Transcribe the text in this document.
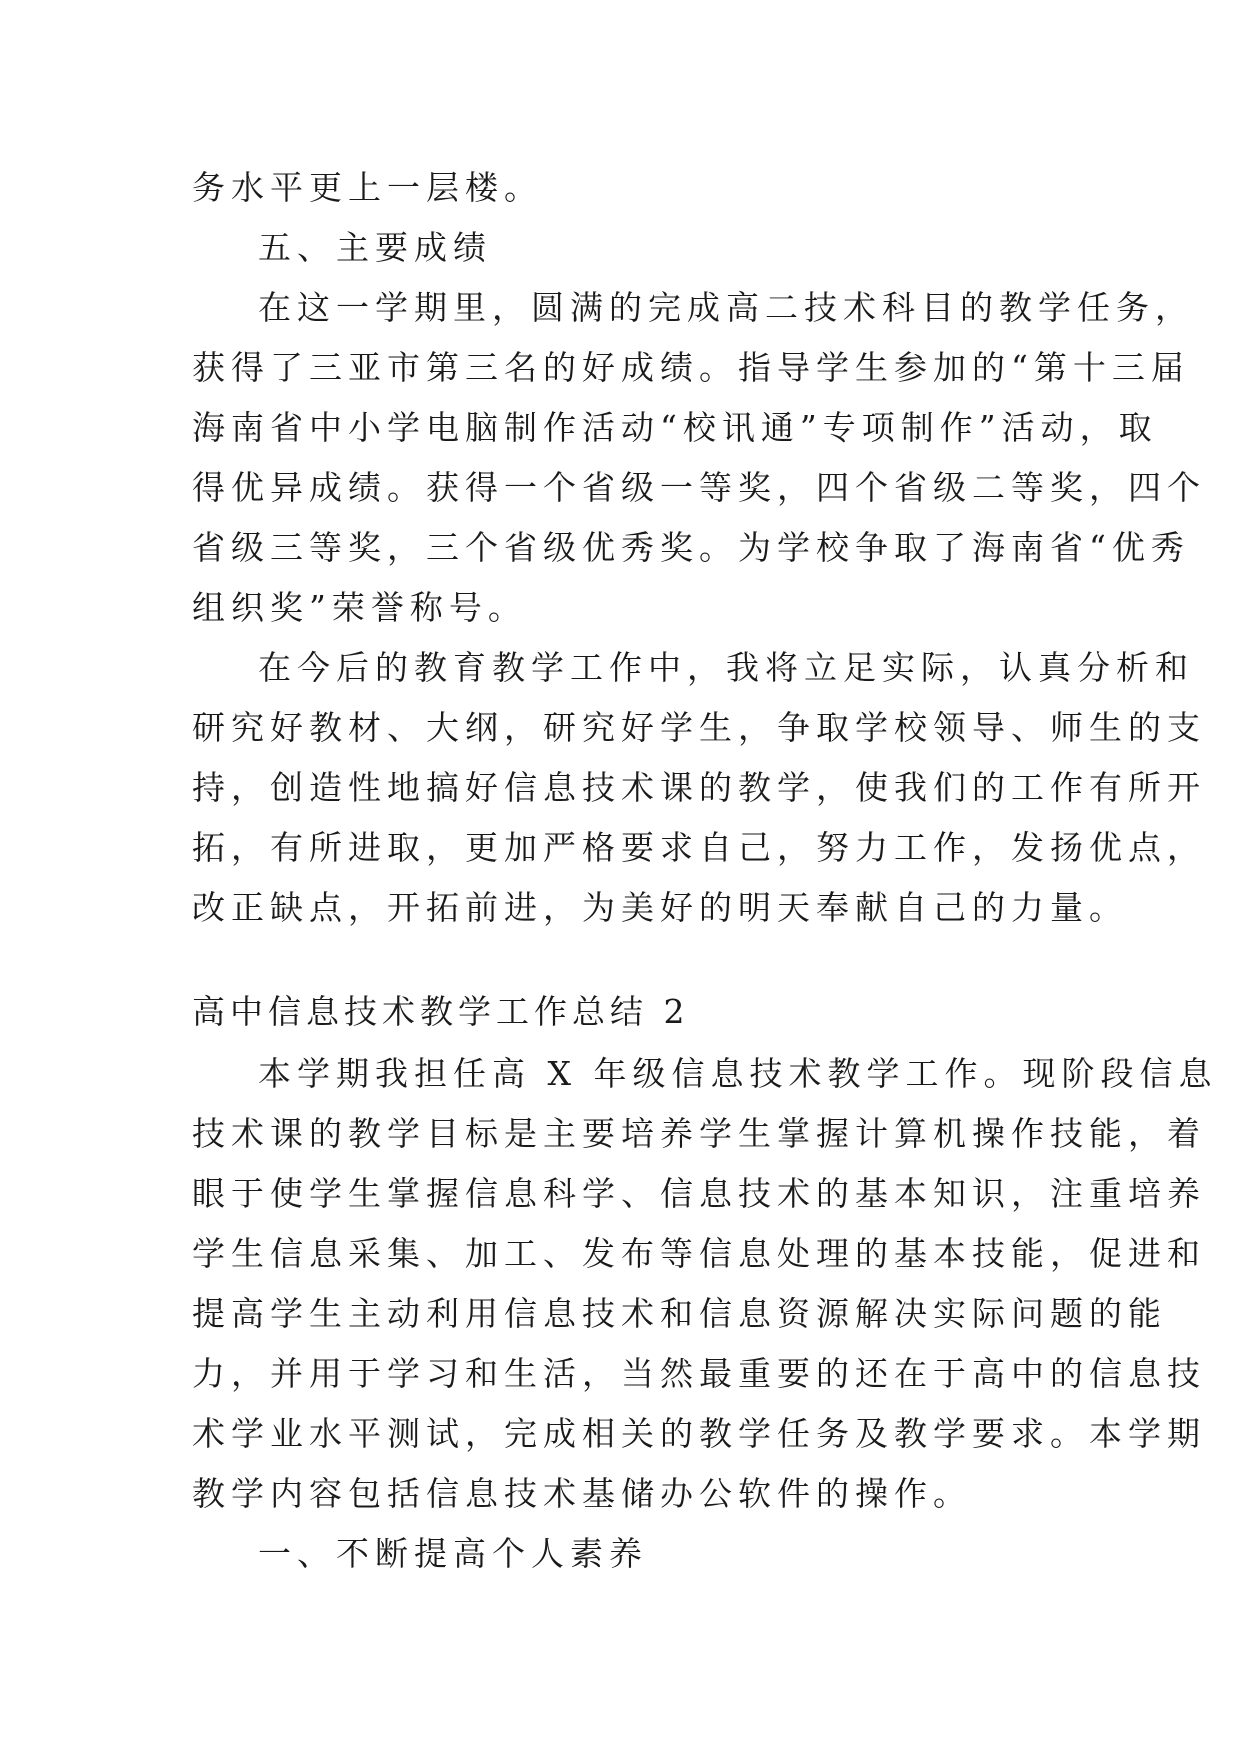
务水平更上一层楼。

五、主要成绩

在这一学期里，圆满的完成高二技术科目的教学任务，

获得了三亚市第三名的好成绩。指导学生参加的“第十三届

海南省中小学电脑制作活动“校讯通”专项制作”活动，取

得优异成绩。获得一个省级一等奖，四个省级二等奖，四个

省级三等奖，三个省级优秀奖。为学校争取了海南省“优秀

组织奖”荣誉称号。

在今后的教育教学工作中，我将立足实际，认真分析和

研究好教材、大纲，研究好学生，争取学校领导、师生的支

持，创造性地搞好信息技术课的教学，使我们的工作有所开

拓，有所进取，更加严格要求自己，努力工作，发扬优点，

改正缺点，开拓前进，为美好的明天奉献自己的力量。

高中信息技术教学工作总结 2

本学期我担任高 X 年级信息技术教学工作。现阶段信息

技术课的教学目标是主要培养学生掌握计算机操作技能，着

眼于使学生掌握信息科学、信息技术的基本知识，注重培养

学生信息采集、加工、发布等信息处理的基本技能，促进和

提高学生主动利用信息技术和信息资源解决实际问题的能

力，并用于学习和生活，当然最重要的还在于高中的信息技

术学业水平测试，完成相关的教学任务及教学要求。本学期

教学内容包括信息技术基储办公软件的操作。

一、不断提高个人素养
